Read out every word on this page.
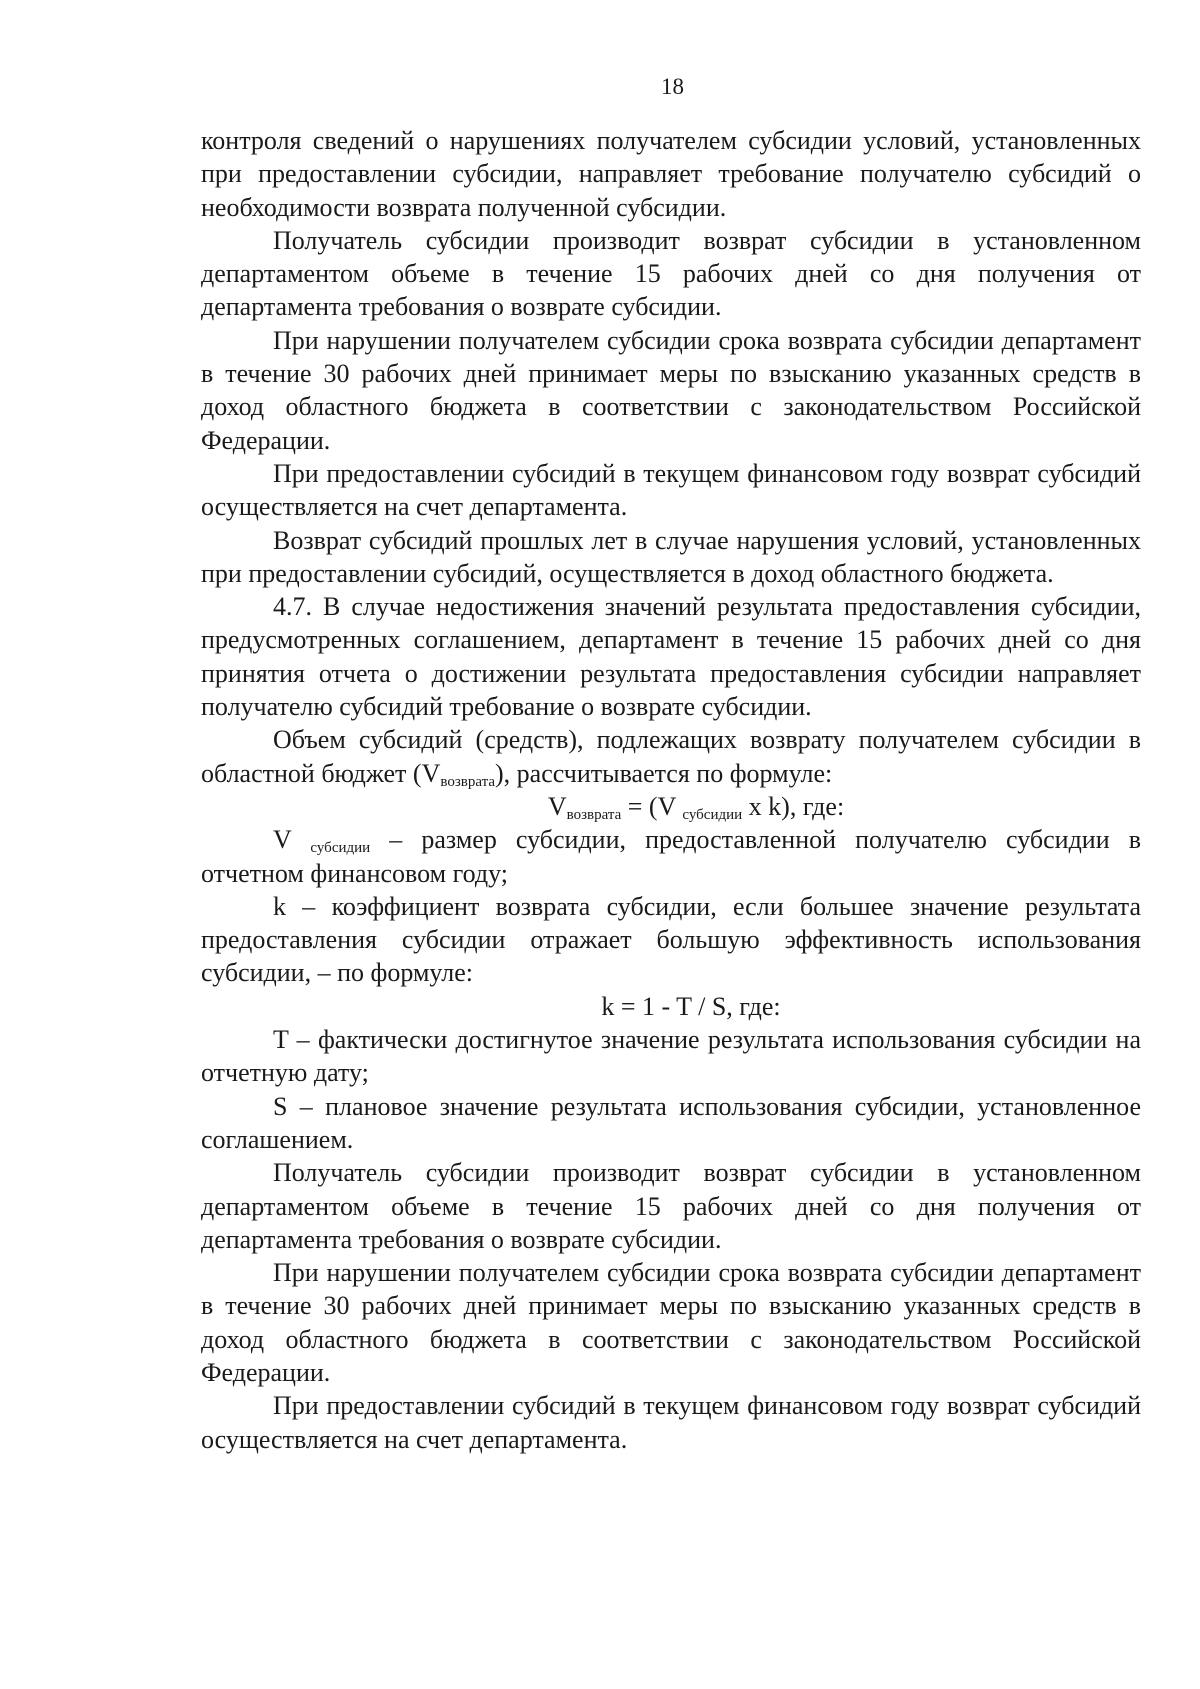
18

контроля сведений о нарушениях получателем субсидии условий, установленных при предоставлении субсидии, направляет требование получателю субсидий о необходимости возврата полученной субсидии.

Получатель субсидии производит возврат субсидии в установленном департаментом объеме в течение 15 рабочих дней со дня получения от департамента требования о возврате субсидии.

При нарушении получателем субсидии срока возврата субсидии департамент в течение 30 рабочих дней принимает меры по взысканию указанных средств в доход областного бюджета в соответствии с законодательством Российской Федерации.

При предоставлении субсидий в текущем финансовом году возврат субсидий осуществляется на счет департамента.

Возврат субсидий прошлых лет в случае нарушения условий, установленных при предоставлении субсидий, осуществляется в доход областного бюджета.

4.7. В случае недостижения значений результата предоставления субсидии, предусмотренных соглашением, департамент в течение 15 рабочих дней со дня принятия отчета о достижении результата предоставления субсидии направляет получателю субсидий требование о возврате субсидии.

Объем субсидий (средств), подлежащих возврату получателем субсидии в областной бюджет $(V_{возврата})$, рассчитывается по формуле:

$V_{возврата} = (V$ $_{субсидии}$ x k), где:

V $_{субсидии}$ – размер субсидии, предоставленной получателю субсидии в отчетном финансовом году;

k – коэффициент возврата субсидии, если большее значение результата предоставления субсидии отражает большую эффективность использования субсидии, – по формуле:

k = 1 - T / S, где:

T – фактически достигнутое значение результата использования субсидии на отчетную дату;

S – плановое значение результата использования субсидии, установленное соглашением.

Получатель субсидии производит возврат субсидии в установленном департаментом объеме в течение 15 рабочих дней со дня получения от департамента требования о возврате субсидии.

При нарушении получателем субсидии срока возврата субсидии департамент в течение 30 рабочих дней принимает меры по взысканию указанных средств в доход областного бюджета в соответствии с законодательством Российской Федерации.

При предоставлении субсидий в текущем финансовом году возврат субсидий осуществляется на счет департамента.
